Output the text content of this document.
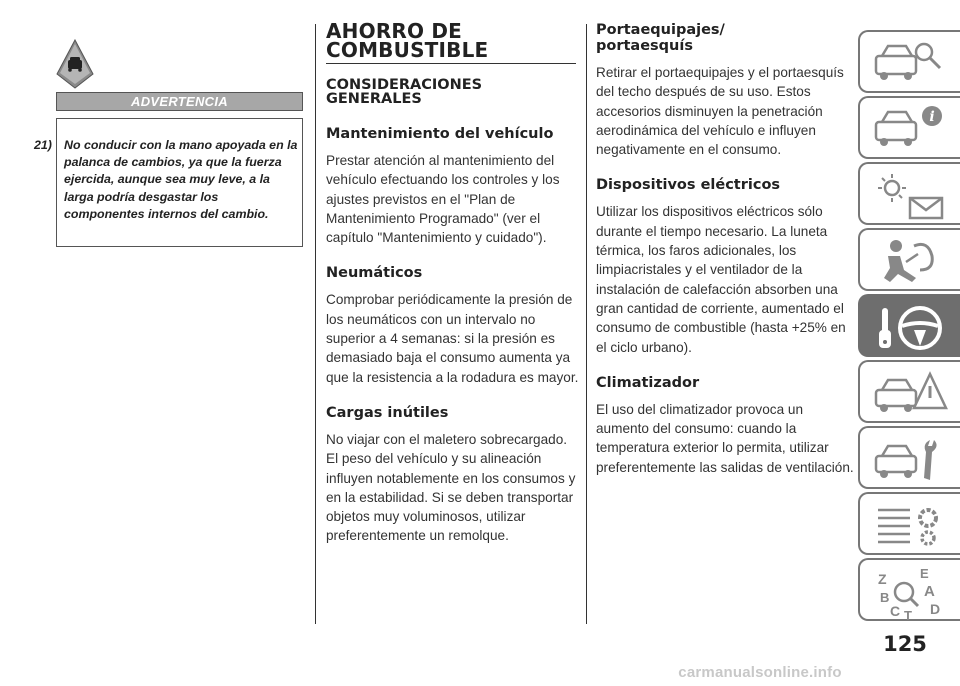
ADVERTENCIA

21) No conducir con la mano apoyada en la palanca de cambios, ya que la fuerza ejercida, aunque sea muy leve, a la larga podría desgastar los componentes internos del cambio.

AHORRO DE COMBUSTIBLE
CONSIDERACIONES GENERALES
Mantenimiento del vehículo

Prestar atención al mantenimiento del vehículo efectuando los controles y los ajustes previstos en el "Plan de Mantenimiento Programado" (ver el capítulo "Mantenimiento y cuidado").

Neumáticos

Comprobar periódicamente la presión de los neumáticos con un intervalo no superior a 4 semanas: si la presión es demasiado baja el consumo aumenta ya que la resistencia a la rodadura es mayor.

Cargas inútiles

No viajar con el maletero sobrecargado. El peso del vehículo y su alineación influyen notablemente en los consumos y en la estabilidad. Si se deben transportar objetos muy voluminosos, utilizar preferentemente un remolque.

Portaequipajes/ portaesquís

Retirar el portaequipajes y el portaesquís del techo después de su uso. Estos accesorios disminuyen la penetración aerodinámica del vehículo e influyen negativamente en el consumo.

Dispositivos eléctricos

Utilizar los dispositivos eléctricos sólo durante el tiempo necesario. La luneta térmica, los faros adicionales, los limpiacristales y el ventilador de la instalación de calefacción absorben una gran cantidad de corriente, aumentado el consumo de combustible (hasta +25% en el ciclo urbano).

Climatizador

El uso del climatizador provoca un aumento del consumo: cuando la temperatura exterior lo permita, utilizar preferentemente las salidas de ventilación.

i
Z	E
B A
C T D
125
carmanualsonline.info
